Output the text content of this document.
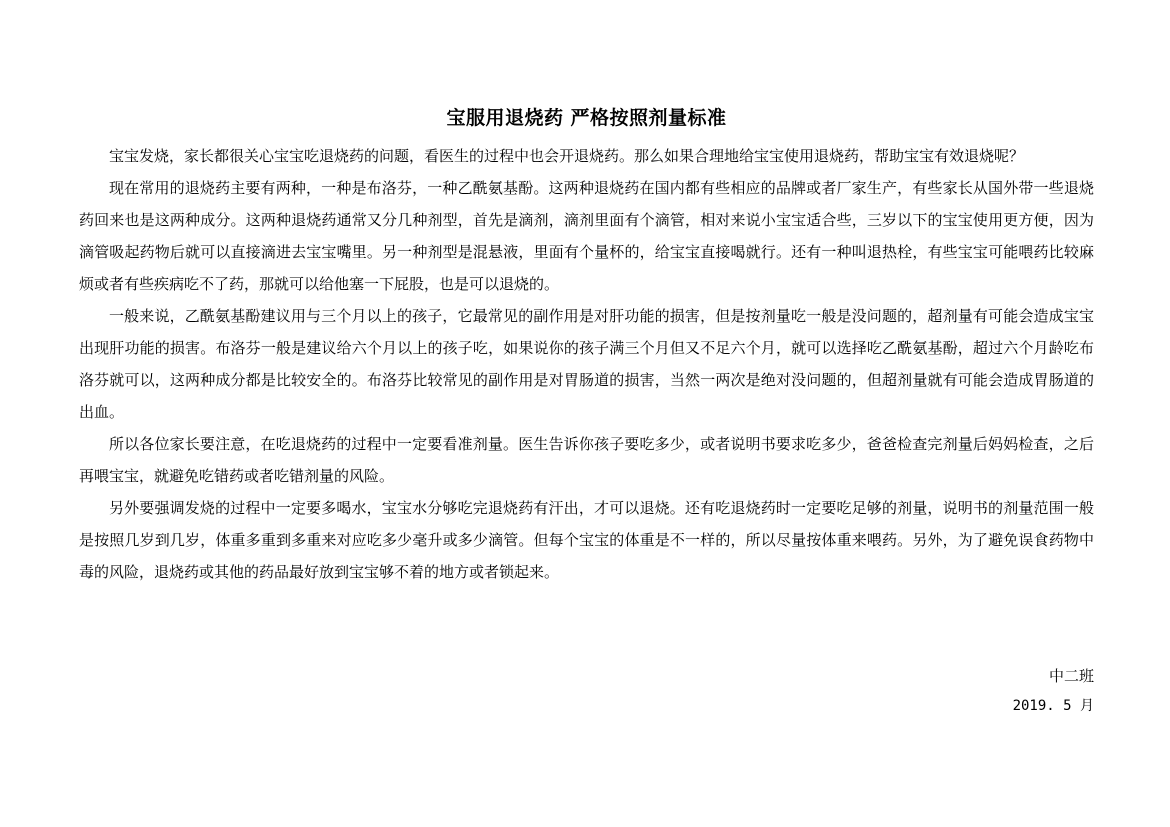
宝服用退烧药 严格按照剂量标准

宝宝发烧，家长都很关心宝宝吃退烧药的问题，看医生的过程中也会开退烧药。那么如果合理地给宝宝使用退烧药，帮助宝宝有效退烧呢？

现在常用的退烧药主要有两种，一种是布洛芬，一种乙酰氨基酚。这两种退烧药在国内都有些相应的品牌或者厂家生产，有些家长从国外带一些退烧药回来也是这两种成分。这两种退烧药通常又分几种剂型，首先是滴剂，滴剂里面有个滴管，相对来说小宝宝适合些，三岁以下的宝宝使用更方便，因为滴管吸起药物后就可以直接滴进去宝宝嘴里。另一种剂型是混悬液，里面有个量杯的，给宝宝直接喝就行。还有一种叫退热栓，有些宝宝可能喂药比较麻烦或者有些疾病吃不了药，那就可以给他塞一下屁股，也是可以退烧的。

一般来说，乙酰氨基酚建议用与三个月以上的孩子，它最常见的副作用是对肝功能的损害，但是按剂量吃一般是没问题的，超剂量有可能会造成宝宝出现肝功能的损害。布洛芬一般是建议给六个月以上的孩子吃，如果说你的孩子满三个月但又不足六个月，就可以选择吃乙酰氨基酚，超过六个月龄吃布洛芬就可以，这两种成分都是比较安全的。布洛芬比较常见的副作用是对胃肠道的损害，当然一两次是绝对没问题的，但超剂量就有可能会造成胃肠道的出血。

所以各位家长要注意，在吃退烧药的过程中一定要看准剂量。医生告诉你孩子要吃多少，或者说明书要求吃多少，爸爸检查完剂量后妈妈检查，之后再喂宝宝，就避免吃错药或者吃错剂量的风险。

另外要强调发烧的过程中一定要多喝水，宝宝水分够吃完退烧药有汗出，才可以退烧。还有吃退烧药时一定要吃足够的剂量，说明书的剂量范围一般是按照几岁到几岁，体重多重到多重来对应吃多少毫升或多少滴管。但每个宝宝的体重是不一样的，所以尽量按体重来喂药。另外，为了避免误食药物中毒的风险，退烧药或其他的药品最好放到宝宝够不着的地方或者锁起来。

中二班
2019. 5 月
